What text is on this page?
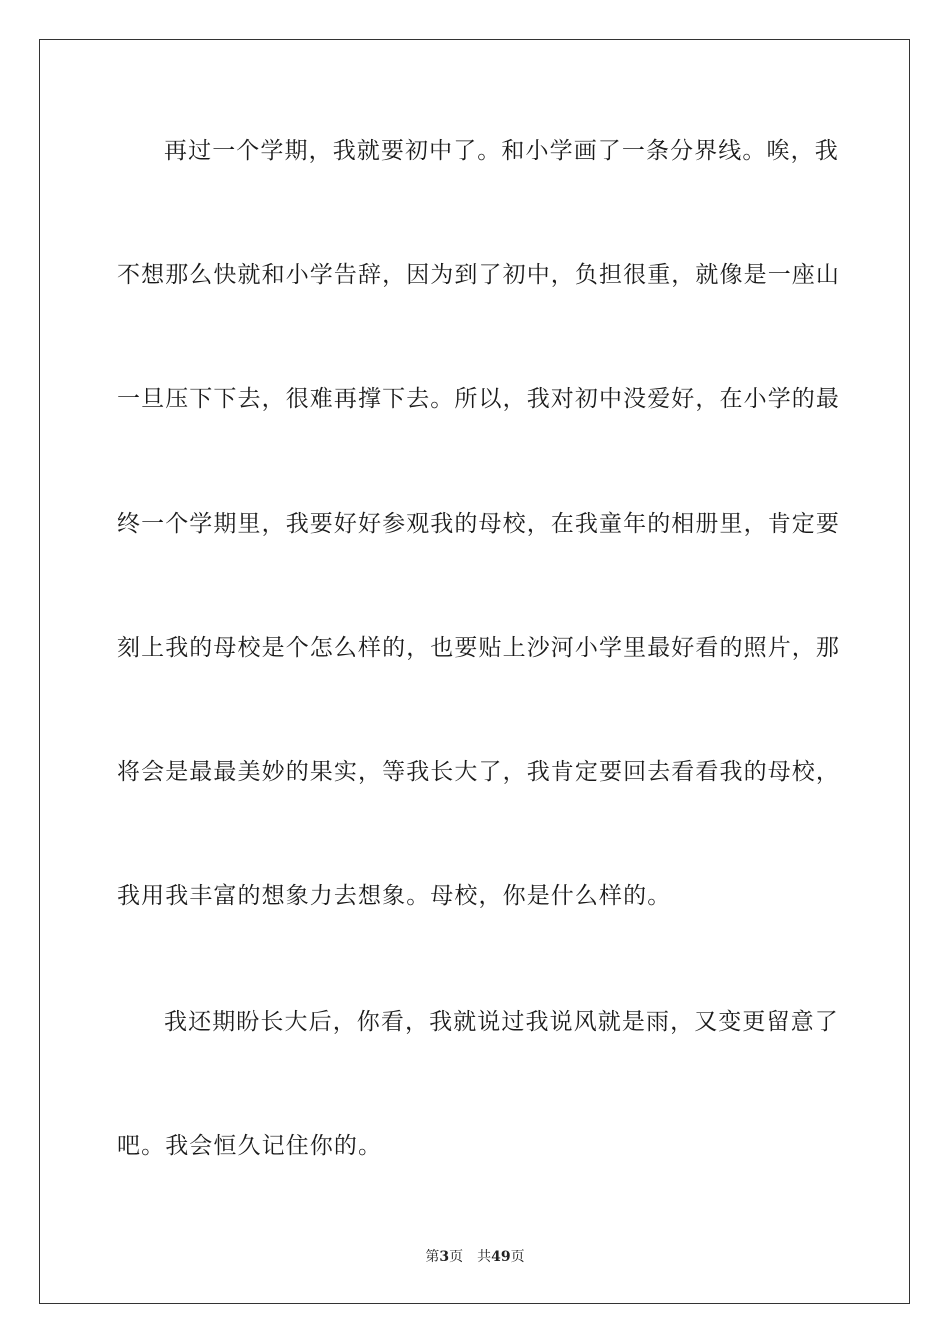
再过一个学期，我就要初中了。和小学画了一条分界线。唉，我
不想那么快就和小学告辞，因为到了初中，负担很重，就像是一座山
一旦压下下去，很难再撑下去。所以，我对初中没爱好，在小学的最
终一个学期里，我要好好参观我的母校，在我童年的相册里，肯定要
刻上我的母校是个怎么样的，也要贴上沙河小学里最好看的照片，那
将会是最最美妙的果实，等我长大了，我肯定要回去看看我的母校，
我用我丰富的想象力去想象。母校，你是什么样的。
我还期盼长大后，你看，我就说过我说风就是雨，又变更留意了
吧。我会恒久记住你的。
第3页 共49页
